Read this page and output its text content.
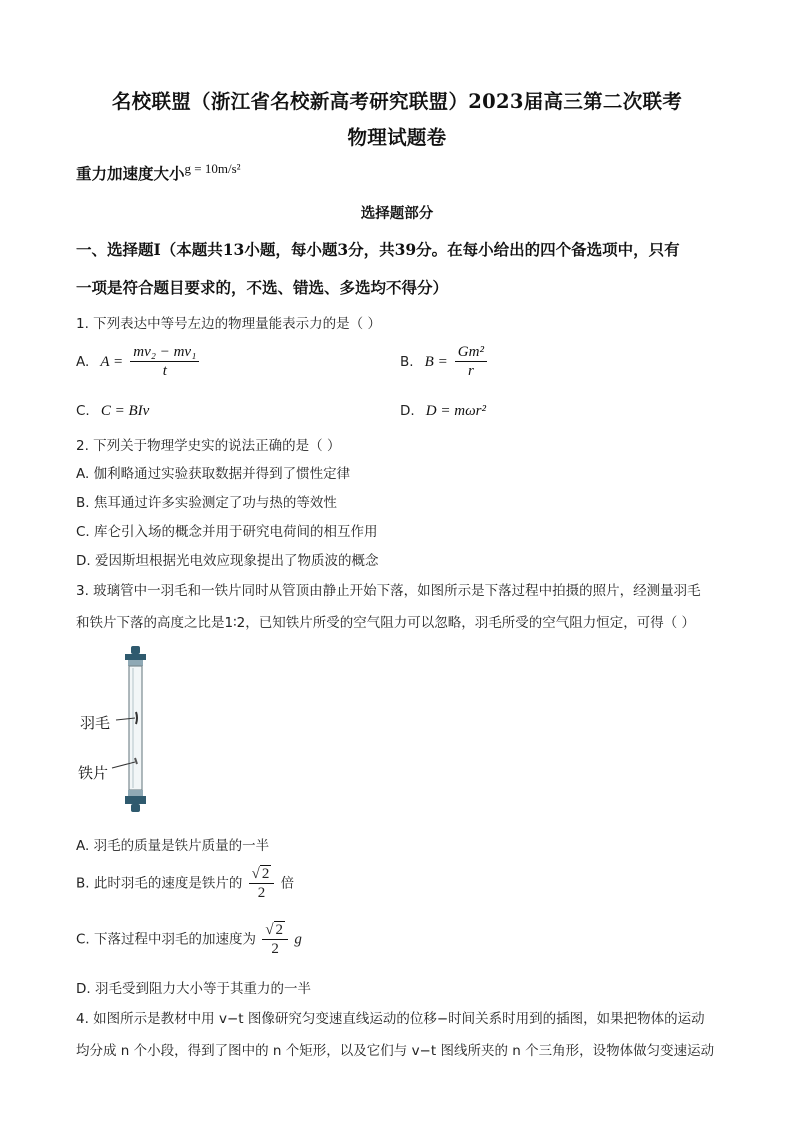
名校联盟（浙江省名校新高考研究联盟）2023届高三第二次联考
物理试题卷
重力加速度大小$^{g = 10m/s^2}$
选择题部分
一、选择题Ⅰ（本题共13小题，每小题3分，共39分。在每小给出的四个备选项中，只有
一项是符合题目要求的，不选、错选、多选均不得分）
1. 下列表达中等号左边的物理量能表示力的是（ ）
A. $A = \frac{\text{mv₂ − mv₁}}{t}$	B. $B = \frac{\text{Gm²}}{r}$
C. C = BIv	D. D = mωr²
2. 下列关于物理学史实的说法正确的是（ ）
A. 伽利略通过实验获取数据并得到了惯性定律
B. 焦耳通过许多实验测定了功与热的等效性
C. 库仑引入场的概念并用于研究电荷间的相互作用
D. 爱因斯坦根据光电效应现象提出了物质波的概念
3. 玻璃管中一羽毛和一铁片同时从管顶由静止开始下落，如图所示是下落过程中拍摄的照片，经测量羽毛
和铁片下落的高度之比是1∶2，已知铁片所受的空气阻力可以忽略，羽毛所受的空气阻力恒定，可得（ ）
羽毛
铁片
A. 羽毛的质量是铁片质量的一半
B. 此时羽毛的速度是铁片的 $\frac{√ 2}{2}$ 倍
C. 下落过程中羽毛的加速度为 $\frac{√ 2}{2}$ g
D. 羽毛受到阻力大小等于其重力的一半
4. 如图所示是教材中用 v−t 图像研究匀变速直线运动的位移−时间关系时用到的插图，如果把物体的运动
均分成 n 个小段，得到了图中的 n 个矩形，以及它们与 v−t 图线所夹的 n 个三角形，设物体做匀变速运动
